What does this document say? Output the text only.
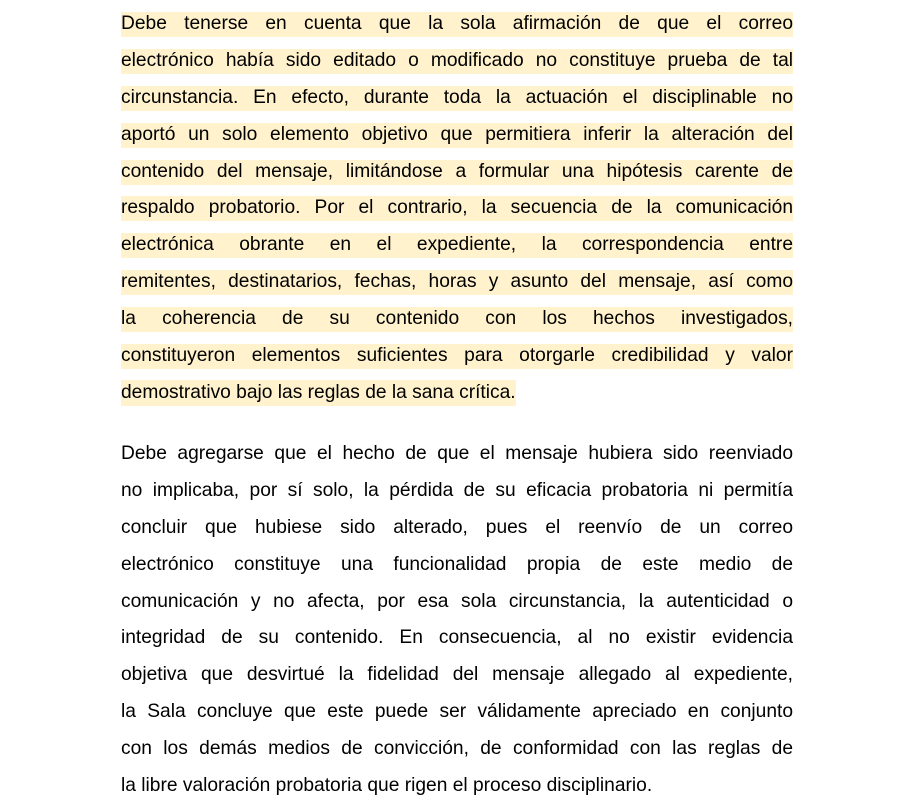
Debe tenerse en cuenta que la sola afirmación de que el correo
electrónico había sido editado o modificado no constituye prueba de tal
circunstancia. En efecto, durante toda la actuación el disciplinable no
aportó un solo elemento objetivo que permitiera inferir la alteración del
contenido del mensaje, limitándose a formular una hipótesis carente de
respaldo probatorio. Por el contrario, la secuencia de la comunicación
electrónica obrante en el expediente, la correspondencia entre
remitentes, destinatarios, fechas, horas y asunto del mensaje, así como
la coherencia de su contenido con los hechos investigados,
constituyeron elementos suficientes para otorgarle credibilidad y valor
demostrativo bajo las reglas de la sana crítica.
Debe agregarse que el hecho de que el mensaje hubiera sido reenviado
no implicaba, por sí solo, la pérdida de su eficacia probatoria ni permitía
concluir que hubiese sido alterado, pues el reenvío de un correo
electrónico constituye una funcionalidad propia de este medio de
comunicación y no afecta, por esa sola circunstancia, la autenticidad o
integridad de su contenido. En consecuencia, al no existir evidencia
objetiva que desvirtué la fidelidad del mensaje allegado al expediente,
la Sala concluye que este puede ser válidamente apreciado en conjunto
con los demás medios de convicción, de conformidad con las reglas de
la libre valoración probatoria que rigen el proceso disciplinario.
